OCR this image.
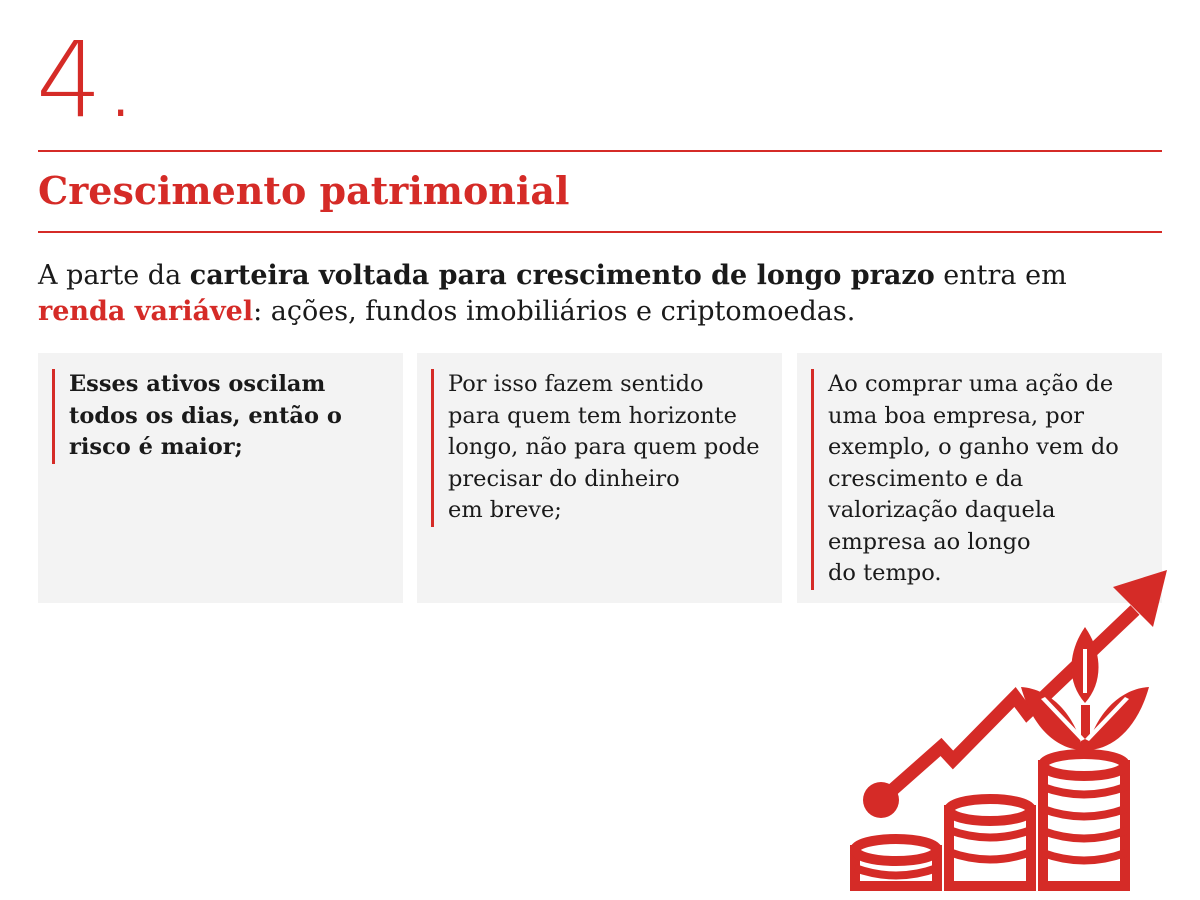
4.
Crescimento patrimonial

A parte da carteira voltada para crescimento de longo prazo entra em
renda variável: ações, fundos imobiliários e criptomoedas.

Esses ativos oscilam
todos os dias, então o
risco é maior;
Por isso fazem sentido
para quem tem horizonte
longo, não para quem pode
precisar do dinheiro
em breve;
Ao comprar uma ação de
uma boa empresa, por
exemplo, o ganho vem do
crescimento e da
valorização daquela
empresa ao longo
do tempo.
